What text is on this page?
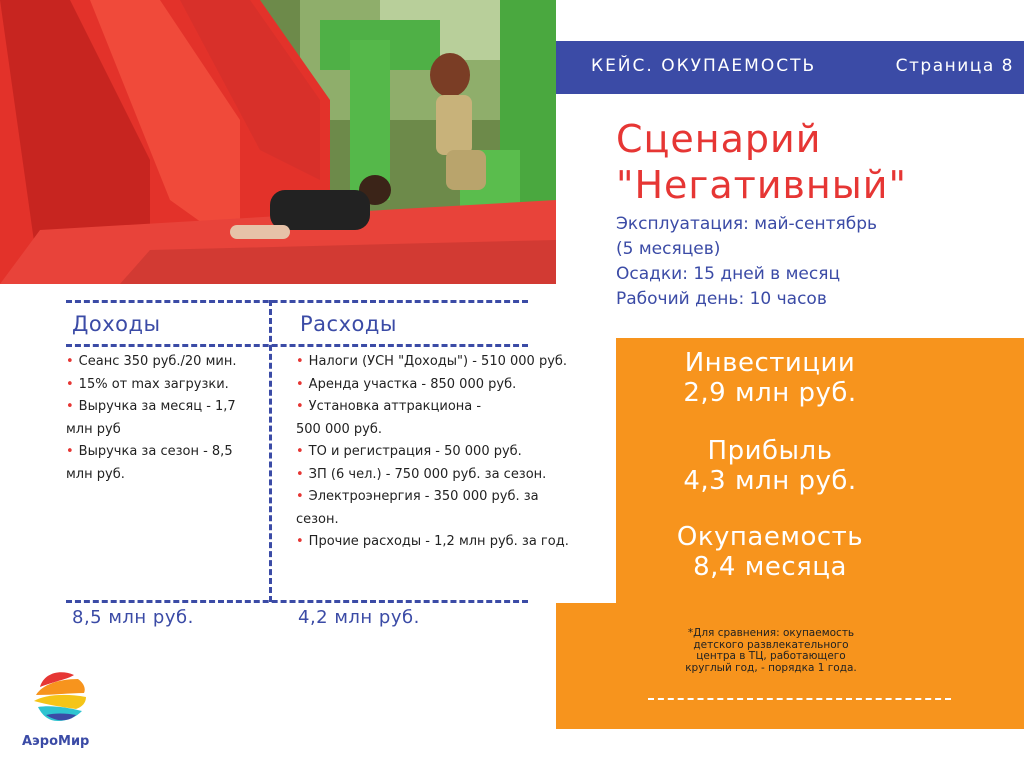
КЕЙС. ОКУПАЕМОСТЬ	Страница 8
Сценарий
"Негативный"
Эксплуатация: май-сентябрь
(5 месяцев)
Осадки: 15 дней в месяц
Рабочий день: 10 часов
Доходы
• Сеанс 350 руб./20 мин.
• 15% от max загрузки.
• Выручка за месяц - 1,7
млн руб
• Выручка за сезон - 8,5
млн руб.
8,5 млн руб.
Расходы
• Налоги (УСН "Доходы") - 510 000 руб.
• Аренда участка - 850 000 руб.
• Установка аттракциона -
500 000 руб.
• ТО и регистрация - 50 000 руб.
• ЗП (6 чел.) - 750 000 руб. за сезон.
• Электроэнергия - 350 000 руб. за
сезон.
• Прочие расходы - 1,2 млн руб. за год.
4,2 млн руб.
Инвестиции
2,9 млн руб.
Прибыль
4,3 млн руб.
Окупаемость
8,4 месяца
*Для сравнения: окупаемость
детского развлекательного
центра в ТЦ, работающего
круглый год, - порядка 1 года.
АэроМир
